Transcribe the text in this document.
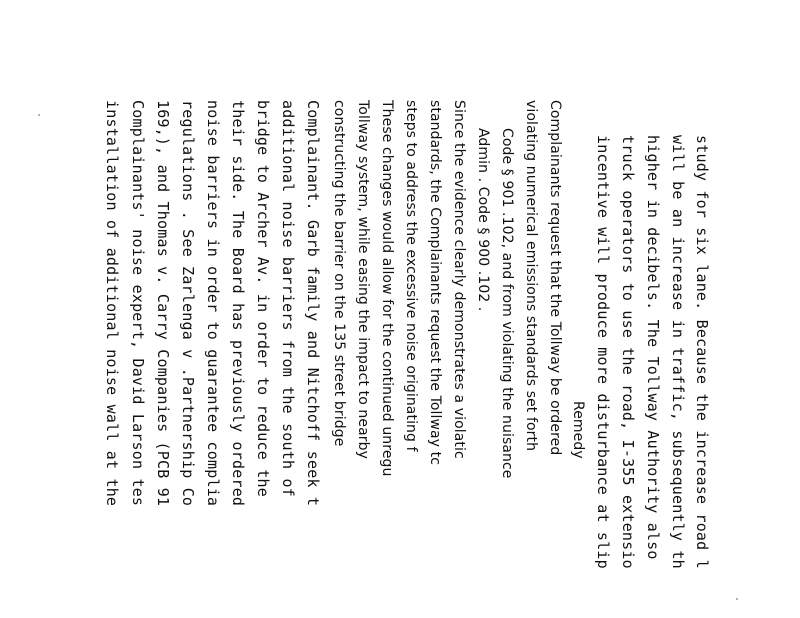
study for six lane. Because the increase road l
will be an increase in traffic, subsequently th
higher in decibels. The Tollway Authority also
truck operators to use the road, I-355 extensio
incentive will produce more disturbance at slip
Remedy
Complainants request that the Tollway be ordered
violating numerical emissions standards set forth
Code § 901 .102, and from violating the nuisance
Admin . Code § 900 .102 .
Since the evidence clearly demonstrates a violatic
standards, the Complainants request the Tollway tc
steps to address the excessive noise originating f
These changes would allow for the continued unregu
Tollway system, while easing the impact to nearby
constructing the barrier on the 135 street bridge
Complainant. Garb family and Nitchoff seek t
additional noise barriers from the south of
bridge to Archer Av. in order to reduce the
their side. The Board has previously ordered
noise barriers in order to guarantee complia
regulations . See Zarlenga v .Partnership Co
169,), and Thomas v. Carry Companies (PCB 91
Complainants' noise expert, David Larson tes
installation of additional noise wall at the
